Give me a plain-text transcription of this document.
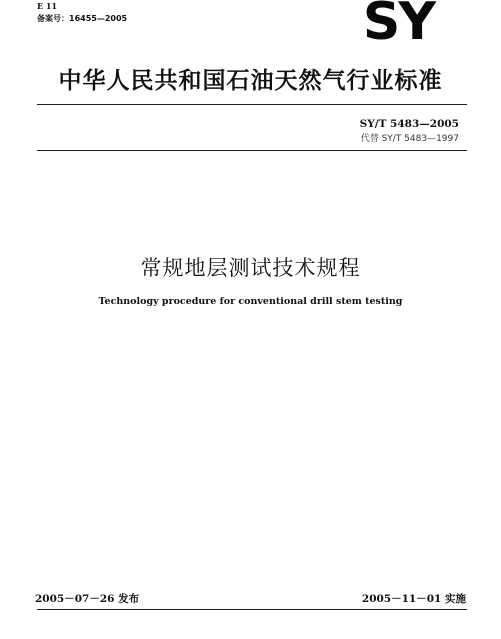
E 11
备案号：16455—2005	SY
中华人民共和国石油天然气行业标准
SY/T 5483—2005
代替 SY/T 5483—1997
常规地层测试技术规程
Technology procedure for conventional drill stem testing
2005－07－26 发布	2005－11－01 实施
